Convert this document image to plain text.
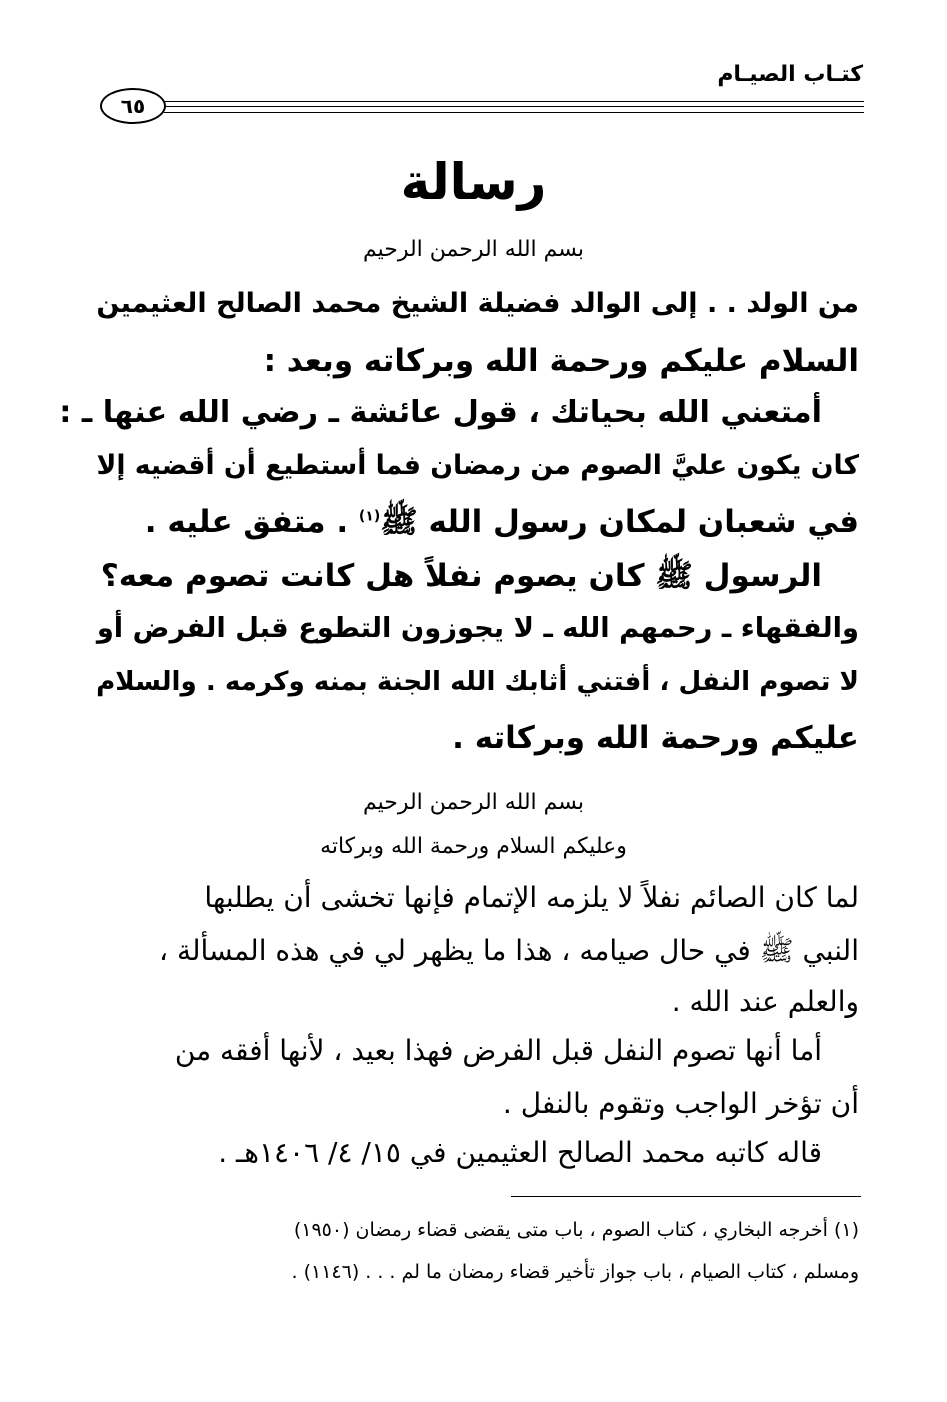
كتـاب الصيـام
٦٥
رسالة
بسم الله الرحمن الرحيم
من الولد . . إلى الوالد فضيلة الشيخ محمد الصالح العثيمين
السلام عليكم ورحمة الله وبركاته وبعد :
أمتعني الله بحياتك ، قول عائشة ـ رضي الله عنها ـ :
كان يكون عليَّ الصوم من رمضان فما أستطيع أن أقضيه إلا
في شعبان لمكان رسول الله ﷺ$^{(١)}$ . متفق عليه .
الرسول ﷺ كان يصوم نفلاً هل كانت تصوم معه؟
والفقهاء ـ رحمهم الله ـ لا يجوزون التطوع قبل الفرض أو
لا تصوم النفل ، أفتني أثابك الله الجنة بمنه وكرمه . والسلام
عليكم ورحمة الله وبركاته .
بسم الله الرحمن الرحيم
وعليكم السلام ورحمة الله وبركاته
لما كان الصائم نفلاً لا يلزمه الإتمام فإنها تخشى أن يطلبها
النبي ﷺ في حال صيامه ، هذا ما يظهر لي في هذه المسألة ،
والعلم عند الله .
أما أنها تصوم النفل قبل الفرض فهذا بعيد ، لأنها أفقه من
أن تؤخر الواجب وتقوم بالنفل .
قاله كاتبه محمد الصالح العثيمين في ١٥/ ٤/ ١٤٠٦هـ .
(١) أخرجه البخاري ، كتاب الصوم ، باب متى يقضى قضاء رمضان (١٩٥٠)
ومسلم ، كتاب الصيام ، باب جواز تأخير قضاء رمضان ما لم . . . (١١٤٦) .
